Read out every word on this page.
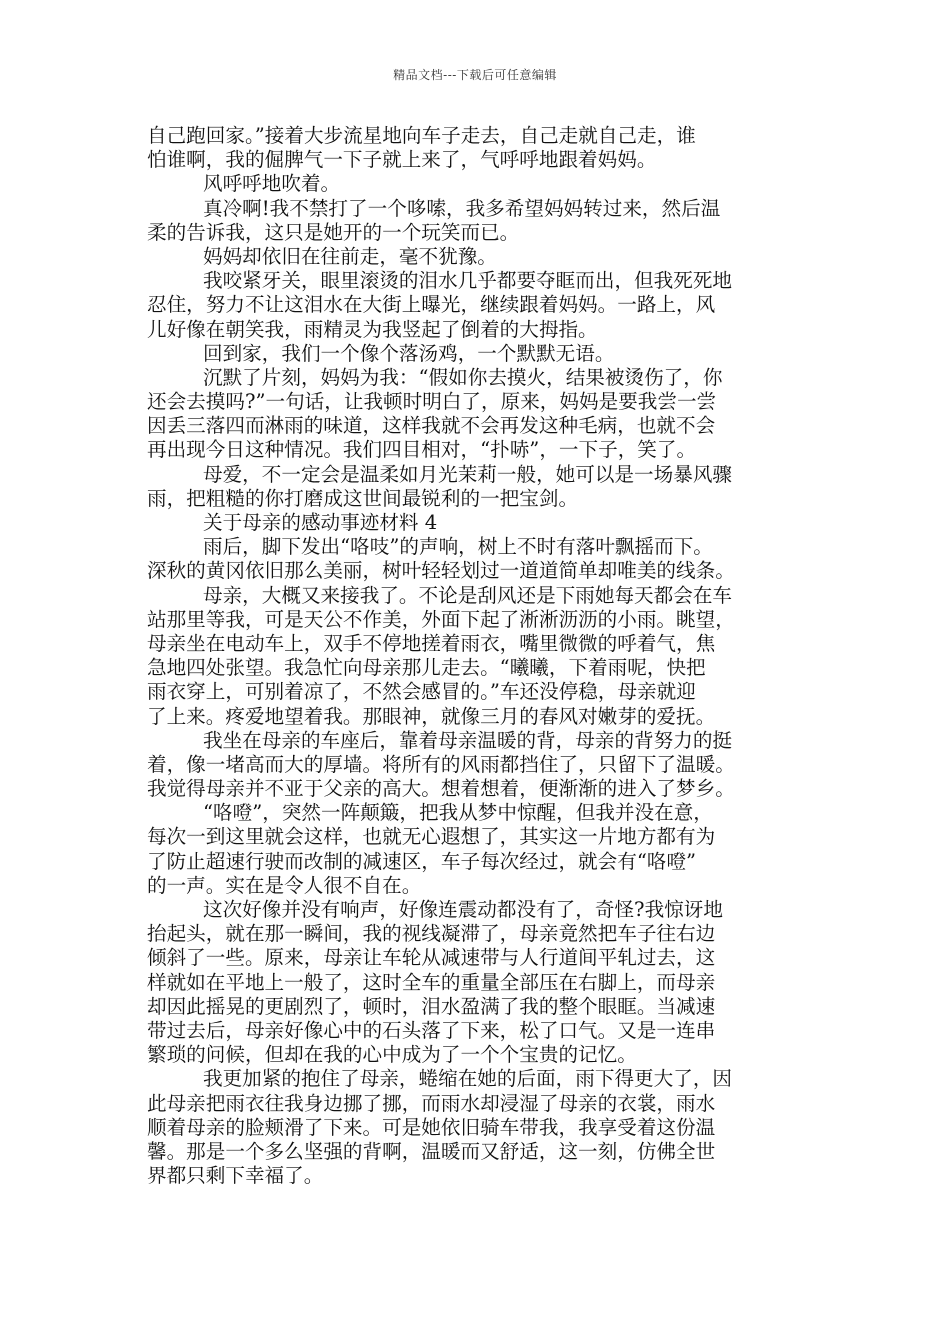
精品文档---下载后可任意编辑
自己跑回家。”接着大步流星地向车子走去，自己走就自己走，谁
怕谁啊，我的倔脾气一下子就上来了，气呼呼地跟着妈妈。
风呼呼地吹着。
真冷啊!我不禁打了一个哆嗦，我多希望妈妈转过来，然后温
柔的告诉我，这只是她开的一个玩笑而已。
妈妈却依旧在往前走，毫不犹豫。
我咬紧牙关，眼里滚烫的泪水几乎都要夺眶而出，但我死死地
忍住，努力不让这泪水在大街上曝光，继续跟着妈妈。一路上，风
儿好像在朝笑我，雨精灵为我竖起了倒着的大拇指。
回到家，我们一个像个落汤鸡，一个默默无语。
沉默了片刻，妈妈为我：“假如你去摸火，结果被烫伤了，你
还会去摸吗?”一句话，让我顿时明白了，原来，妈妈是要我尝一尝
因丢三落四而淋雨的味道，这样我就不会再发这种毛病，也就不会
再出现今日这种情况。我们四目相对，“扑哧”，一下子，笑了。
母爱，不一定会是温柔如月光茉莉一般，她可以是一场暴风骤
雨，把粗糙的你打磨成这世间最锐利的一把宝剑。
关于母亲的感动事迹材料 4
雨后，脚下发出“咯吱”的声响，树上不时有落叶飘摇而下。
深秋的黄冈依旧那么美丽，树叶轻轻划过一道道简单却唯美的线条。
母亲，大概又来接我了。不论是刮风还是下雨她每天都会在车
站那里等我，可是天公不作美，外面下起了淅淅沥沥的小雨。眺望，
母亲坐在电动车上，双手不停地搓着雨衣，嘴里微微的呼着气，焦
急地四处张望。我急忙向母亲那儿走去。“曦曦，下着雨呢，快把
雨衣穿上，可别着凉了，不然会感冒的。”车还没停稳，母亲就迎
了上来。疼爱地望着我。那眼神，就像三月的春风对嫩芽的爱抚。
我坐在母亲的车座后，靠着母亲温暖的背，母亲的背努力的挺
着，像一堵高而大的厚墙。将所有的风雨都挡住了，只留下了温暖。
我觉得母亲并不亚于父亲的高大。想着想着，便渐渐的进入了梦乡。
“咯噔”，突然一阵颠簸，把我从梦中惊醒，但我并没在意，
每次一到这里就会这样，也就无心遐想了，其实这一片地方都有为
了防止超速行驶而改制的减速区，车子每次经过，就会有“咯噔”
的一声。实在是令人很不自在。
这次好像并没有响声，好像连震动都没有了，奇怪?我惊讶地
抬起头，就在那一瞬间，我的视线凝滞了，母亲竟然把车子往右边
倾斜了一些。原来，母亲让车轮从减速带与人行道间平轧过去，这
样就如在平地上一般了，这时全车的重量全部压在右脚上，而母亲
却因此摇晃的更剧烈了，顿时，泪水盈满了我的整个眼眶。当减速
带过去后，母亲好像心中的石头落了下来，松了口气。又是一连串
繁琐的问候，但却在我的心中成为了一个个宝贵的记忆。
我更加紧的抱住了母亲，蜷缩在她的后面，雨下得更大了，因
此母亲把雨衣往我身边挪了挪，而雨水却浸湿了母亲的衣裳，雨水
顺着母亲的脸颊滑了下来。可是她依旧骑车带我，我享受着这份温
馨。那是一个多么坚强的背啊，温暖而又舒适，这一刻，仿佛全世
界都只剩下幸福了。
